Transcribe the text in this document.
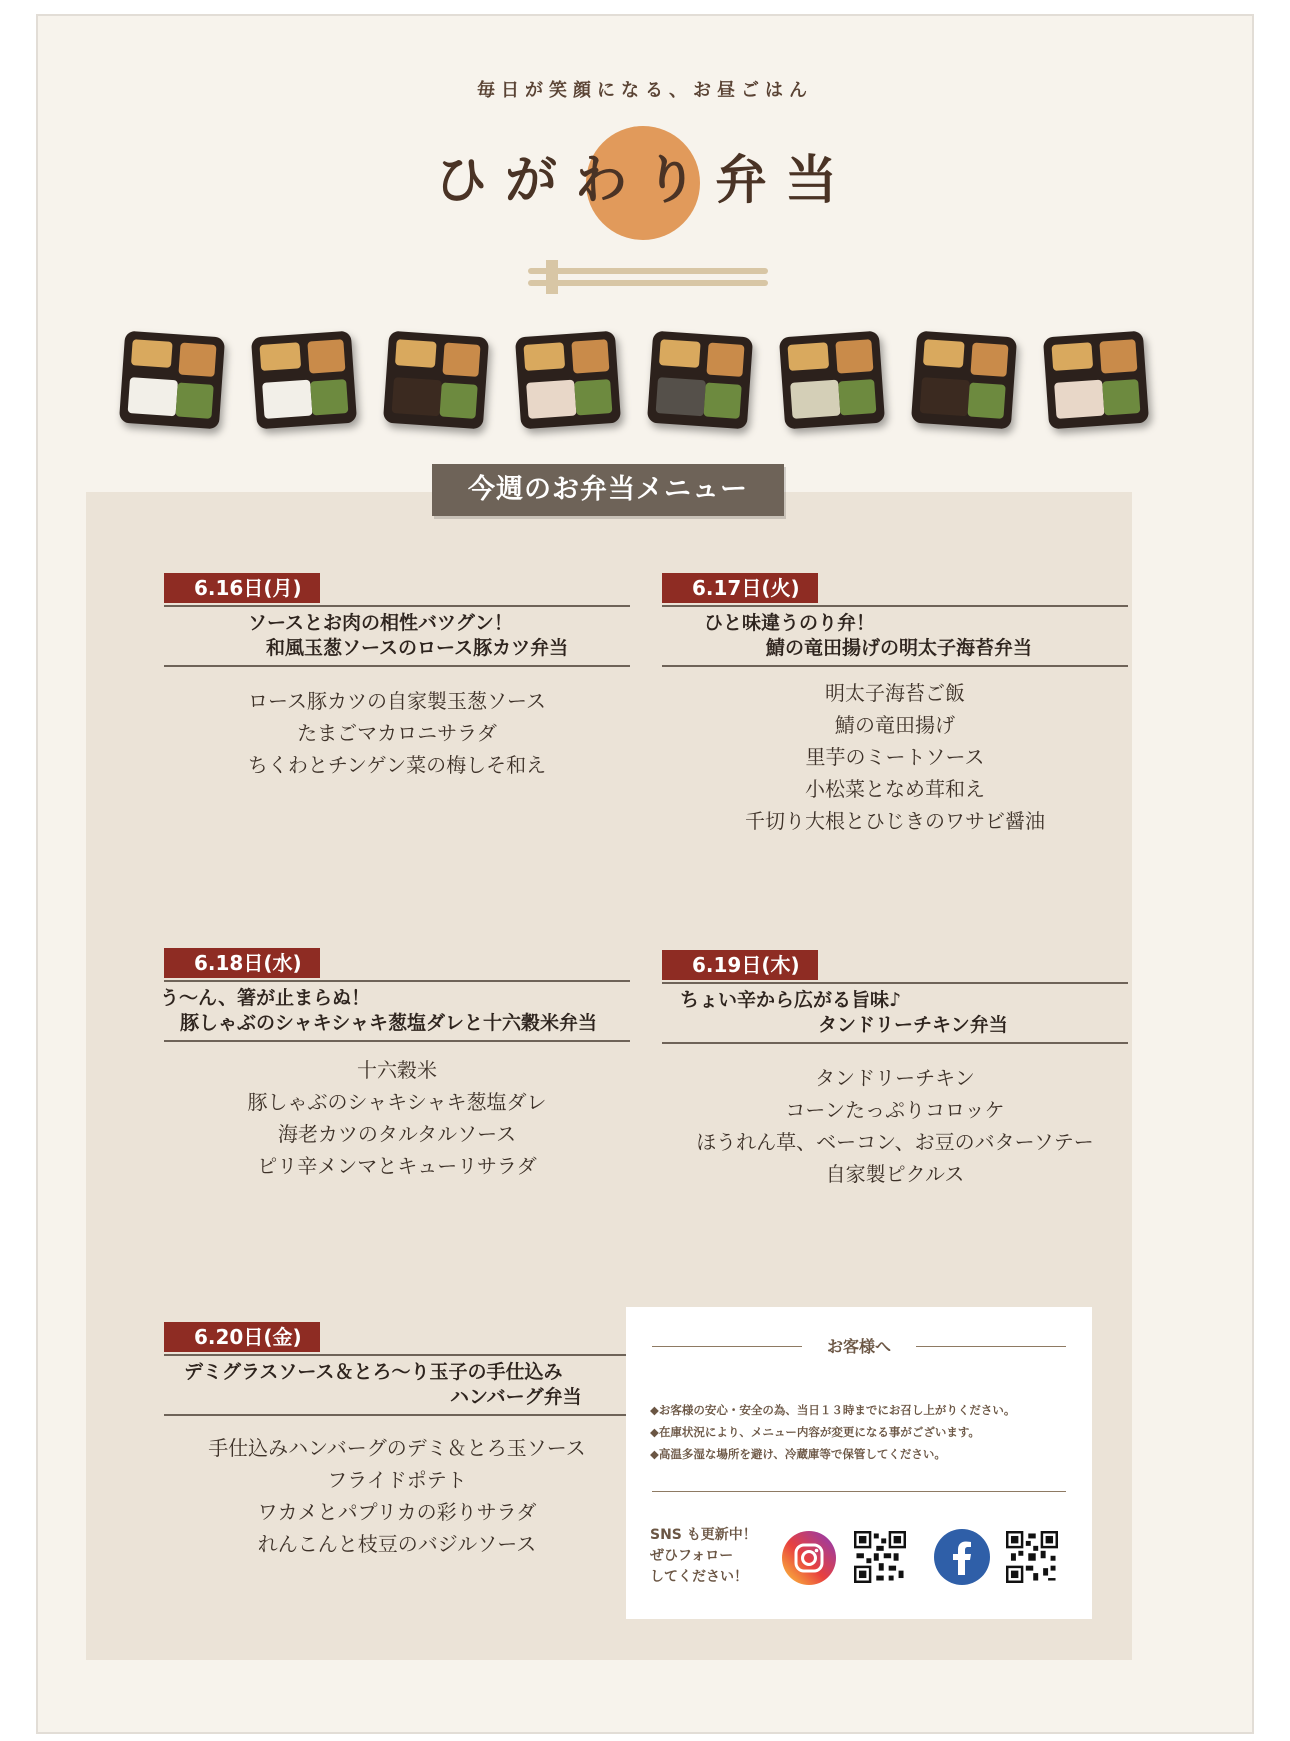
毎日が笑顔になる、お昼ごはん
ひがわり弁当
今週のお弁当メニュー
6.16日(月)
ソースとお肉の相性バツグン！
和風玉葱ソースのロース豚カツ弁当
ロース豚カツの自家製玉葱ソース
たまごマカロニサラダ
ちくわとチンゲン菜の梅しそ和え
6.17日(火)
ひと味違うのり弁！
鯖の竜田揚げの明太子海苔弁当
明太子海苔ご飯
鯖の竜田揚げ
里芋のミートソース
小松菜となめ茸和え
千切り大根とひじきのワサビ醤油
6.18日(水)
う～ん、箸が止まらぬ！
豚しゃぶのシャキシャキ葱塩ダレと十六穀米弁当
十六穀米
豚しゃぶのシャキシャキ葱塩ダレ
海老カツのタルタルソース
ピリ辛メンマとキューリサラダ
6.19日(木)
ちょい辛から広がる旨味♪
タンドリーチキン弁当
タンドリーチキン
コーンたっぷりコロッケ
ほうれん草、ベーコン、お豆のバターソテー
自家製ピクルス
6.20日(金)
デミグラスソース＆とろ～り玉子の手仕込み
ハンバーグ弁当
手仕込みハンバーグのデミ＆とろ玉ソース
フライドポテト
ワカメとパプリカの彩りサラダ
れんこんと枝豆のバジルソース
お客様へ
◆お客様の安心・安全の為、当日１３時までにお召し上がりください。
◆在庫状況により、メニュー内容が変更になる事がございます。
◆高温多湿な場所を避け、冷蔵庫等で保管してください。
SNS も更新中！
ぜひフォロー
してください！
